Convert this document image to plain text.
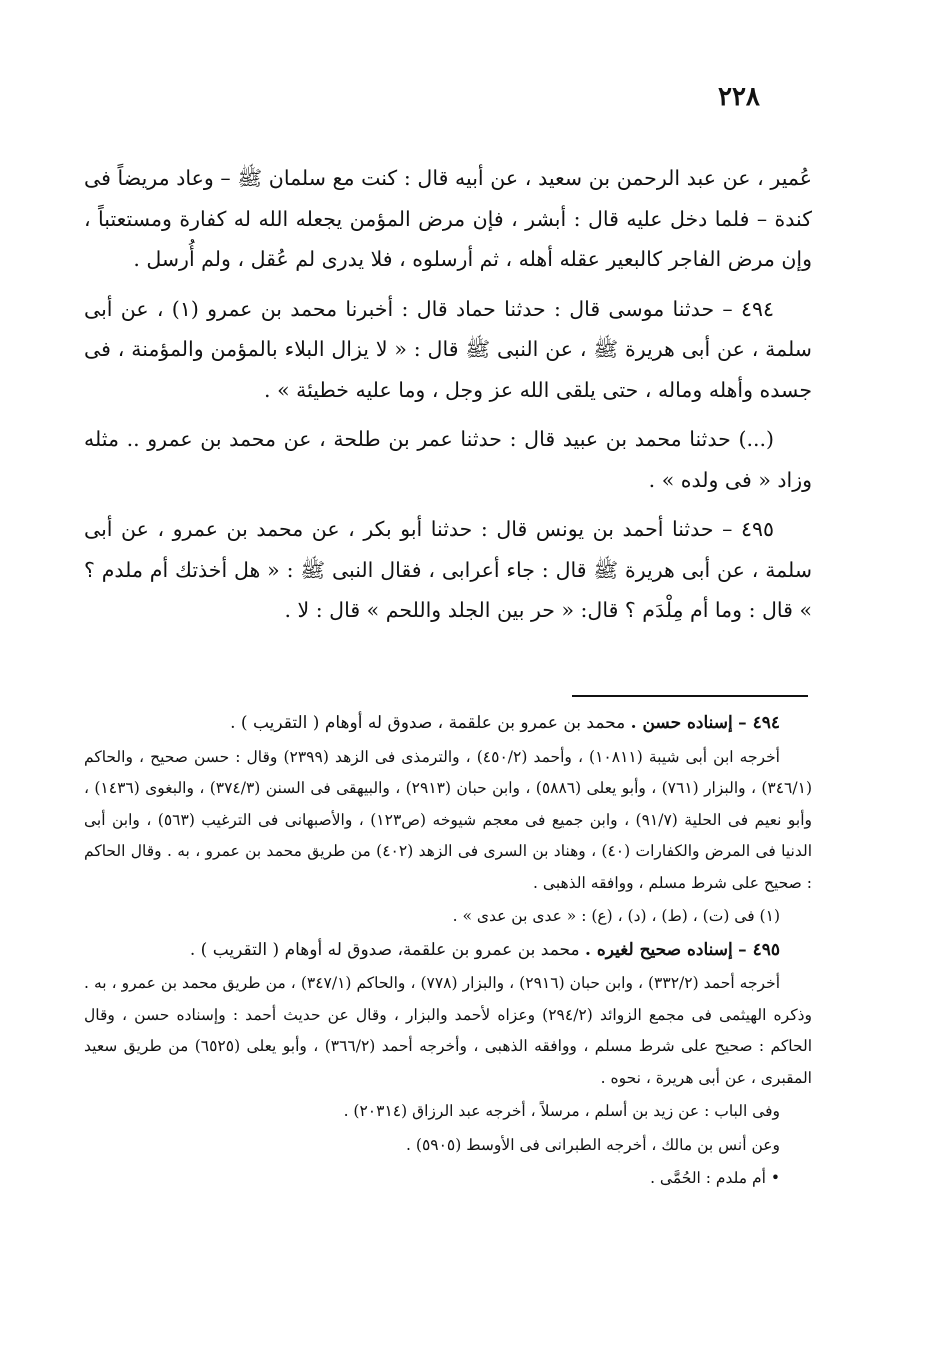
٢٢٨

عُمير ، عن عبد الرحمن بن سعيد ، عن أبيه قال : كنت مع سلمان ﷺ – وعاد مريضاً فى كندة – فلما دخل عليه قال : أبشر ، فإن مرض المؤمن يجعله الله له كفارة ومستعتباً ، وإن مرض الفاجر كالبعير عقله أهله ، ثم أرسلوه ، فلا يدرى لم عُقل ، ولم أُرسل .

٤٩٤ – حدثنا موسى قال : حدثنا حماد قال : أخبرنا محمد بن عمرو (١) ، عن أبى سلمة ، عن أبى هريرة ﷺ ، عن النبى ﷺ قال : « لا يزال البلاء بالمؤمن والمؤمنة ، فى جسده وأهله وماله ، حتى يلقى الله عز وجل ، وما عليه خطيئة » .

(...) حدثنا محمد بن عبيد قال : حدثنا عمر بن طلحة ، عن محمد بن عمرو .. مثله وزاد « فى ولده » .

٤٩٥ – حدثنا أحمد بن يونس قال : حدثنا أبو بكر ، عن محمد بن عمرو ، عن أبى سلمة ، عن أبى هريرة ﷺ قال : جاء أعرابى ، فقال النبى ﷺ : « هل أخذتك أم ملدم ؟ » قال : وما أم مِلْدَم ؟ قال: « حر بين الجلد واللحم » قال : لا .

٤٩٤ – إسناده حسن . محمد بن عمرو بن علقمة ، صدوق له أوهام ( التقريب ) .

أخرجه ابن أبى شيبة (١٠٨١١) ، وأحمد (٤٥٠/٢) ، والترمذى فى الزهد (٢٣٩٩) وقال : حسن صحيح ، والحاكم (٣٤٦/١) ، والبزار (٧٦١) ، وأبو يعلى (٥٨٨٦) ، وابن حبان (٢٩١٣) ، والبيهقى فى السنن (٣٧٤/٣) ، والبغوى (١٤٣٦) ، وأبو نعيم فى الحلية (٩١/٧) ، وابن جميع فى معجم شيوخه (ص١٢٣) ، والأصبهانى فى الترغيب (٥٦٣) ، وابن أبى الدنيا فى المرض والكفارات (٤٠) ، وهناد بن السرى فى الزهد (٤٠٢) من طريق محمد بن عمرو ، به . وقال الحاكم : صحيح على شرط مسلم ، ووافقه الذهبى .

(١) فى (ت) ، (ط) ، (د) ، (ع) : « عدى بن عدى » .

٤٩٥ – إسناده صحيح لغيره . محمد بن عمرو بن علقمة، صدوق له أوهام ( التقريب ) .

أخرجه أحمد (٣٣٢/٢) ، وابن حبان (٢٩١٦) ، والبزار (٧٧٨) ، والحاكم (٣٤٧/١) ، من طريق محمد بن عمرو ، به . وذكره الهيثمى فى مجمع الزوائد (٢٩٤/٢) وعزاه لأحمد والبزار ، وقال عن حديث أحمد : وإسناده حسن ، وقال الحاكم : صحيح على شرط مسلم ، ووافقه الذهبى ، وأخرجه أحمد (٣٦٦/٢) ، وأبو يعلى (٦٥٢٥) من طريق سعيد المقبرى ، عن أبى هريرة ، نحوه .

وفى الباب : عن زيد بن أسلم ، مرسلاً ، أخرجه عبد الرزاق (٢٠٣١٤) .

وعن أنس بن مالك ، أخرجه الطبرانى فى الأوسط (٥٩٠٥) .

• أم ملدم : الحُمَّى .
